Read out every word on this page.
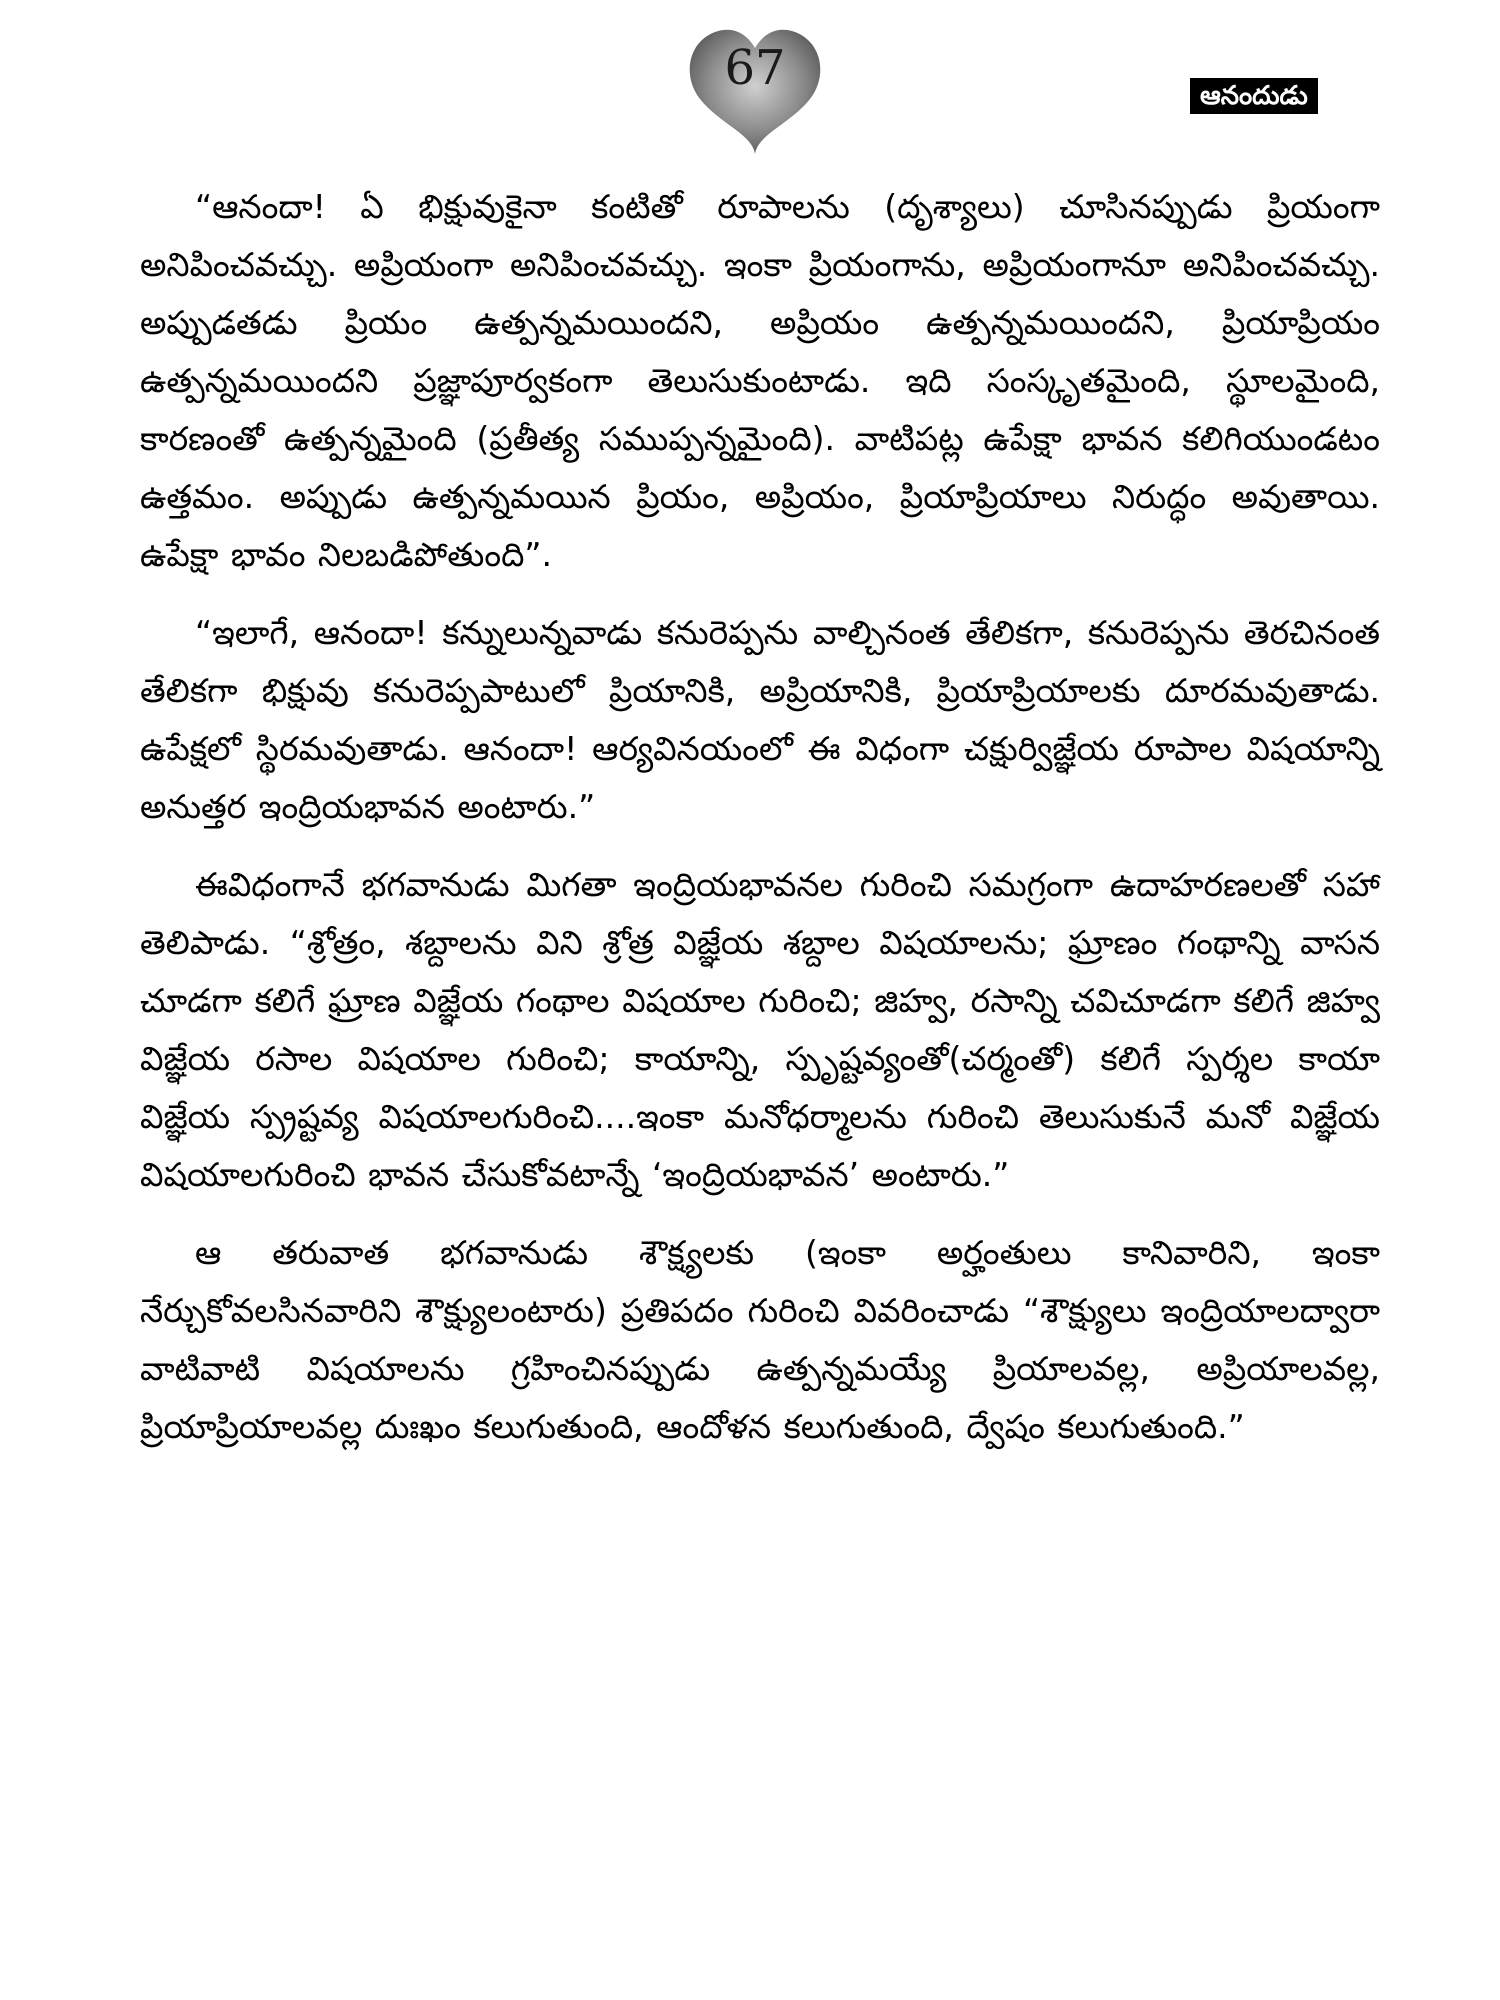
67	ఆనందుడు

“ఆనందా! ఏ భిక్షువుకైనా కంటితో రూపాలను (దృశ్యాలు) చూసినప్పుడు ప్రియంగా అనిపించవచ్చు. అప్రియంగా అనిపించవచ్చు. ఇంకా ప్రియంగాను, అప్రియంగానూ అనిపించవచ్చు. అప్పుడతడు ప్రియం ఉత్పన్నమయిందని, అప్రియం ఉత్పన్నమయిందని, ప్రియాప్రియం ఉత్పన్నమయిందని ప్రజ్ఞాపూర్వకంగా తెలుసుకుంటాడు. ఇది సంస్కృతమైంది, స్థూలమైంది, కారణంతో ఉత్పన్నమైంది (ప్రతీత్య సముప్పన్నమైంది). వాటిపట్ల ఉపేక్షా భావన కలిగియుండటం ఉత్తమం. అప్పుడు ఉత్పన్నమయిన ప్రియం, అప్రియం, ప్రియాప్రియాలు నిరుద్ధం అవుతాయి. ఉపేక్షా భావం నిలబడిపోతుంది”.

“ఇలాగే, ఆనందా! కన్నులున్నవాడు కనురెప్పను వాల్చినంత తేలికగా, కనురెప్పను తెరచినంత తేలికగా భిక్షువు కనురెప్పపాటులో ప్రియానికి, అప్రియానికి, ప్రియాప్రియాలకు దూరమవుతాడు. ఉపేక్షలో స్థిరమవుతాడు. ఆనందా! ఆర్యవినయంలో ఈ విధంగా చక్షుర్విజ్ఞేయ రూపాల విషయాన్ని అనుత్తర ఇంద్రియభావన అంటారు.”

ఈవిధంగానే భగవానుడు మిగతా ఇంద్రియభావనల గురించి సమగ్రంగా ఉదాహరణలతో సహా తెలిపాడు. “శ్రోత్రం, శబ్దాలను విని శ్రోత్ర విజ్ఞేయ శబ్దాల విషయాలను; ఘ్రాణం గంథాన్ని వాసన చూడగా కలిగే ఘ్రాణ విజ్ఞేయ గంథాల విషయాల గురించి; జిహ్వ, రసాన్ని చవిచూడగా కలిగే జిహ్వ విజ్ఞేయ రసాల విషయాల గురించి; కాయాన్ని, స్పృష్టవ్యంతో(చర్మంతో) కలిగే స్పర్శల కాయా విజ్ఞేయ స్ప్రష్టవ్య విషయాలగురించి....ఇంకా మనోధర్మాలను గురించి తెలుసుకునే మనో విజ్ఞేయ విషయాలగురించి భావన చేసుకోవటాన్నే ‘ఇంద్రియభావన’ అంటారు.”

ఆ తరువాత భగవానుడు శౌక్ష్యలకు (ఇంకా అర్హంతులు కానివారిని, ఇంకా నేర్చుకోవలసినవారిని శౌక్ష్యులంటారు) ప్రతిపదం గురించి వివరించాడు “శౌక్ష్యులు ఇంద్రియాలద్వారా వాటివాటి విషయాలను గ్రహించినప్పుడు ఉత్పన్నమయ్యే ప్రియాలవల్ల, అప్రియాలవల్ల, ప్రియాప్రియాలవల్ల దుఃఖం కలుగుతుంది, ఆందోళన కలుగుతుంది, ద్వేషం కలుగుతుంది.”
